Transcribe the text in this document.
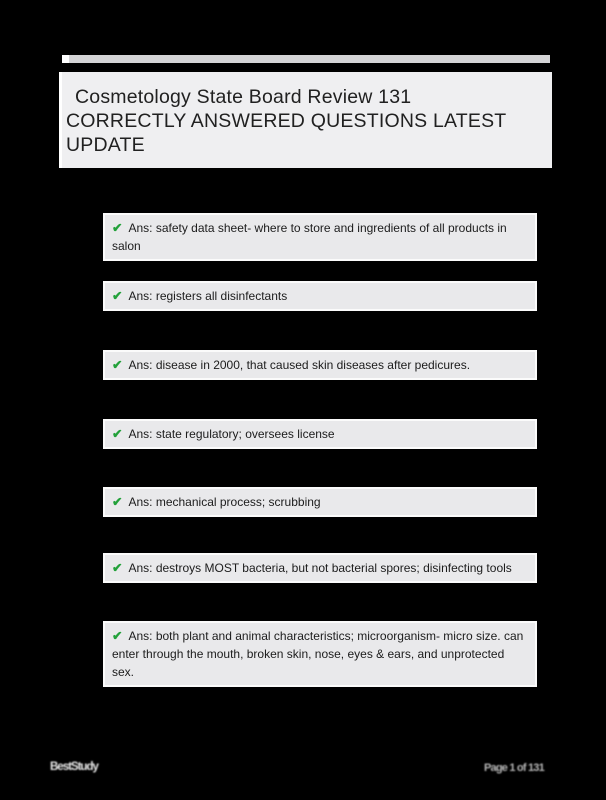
Cosmetology State Board Review 131
CORRECTLY ANSWERED QUESTIONS LATEST
UPDATE
✔ Ans: safety data sheet- where to store and ingredients of all products in salon
✔ Ans: registers all disinfectants
✔ Ans: disease in 2000, that caused skin diseases after pedicures.
✔ Ans: state regulatory; oversees license
✔ Ans: mechanical process; scrubbing
✔ Ans: destroys MOST bacteria, but not bacterial spores; disinfecting tools
✔ Ans: both plant and animal characteristics; microorganism- micro size. can enter through the mouth, broken skin, nose, eyes & ears, and unprotected sex.
BestStudy	Page 1 of 131
